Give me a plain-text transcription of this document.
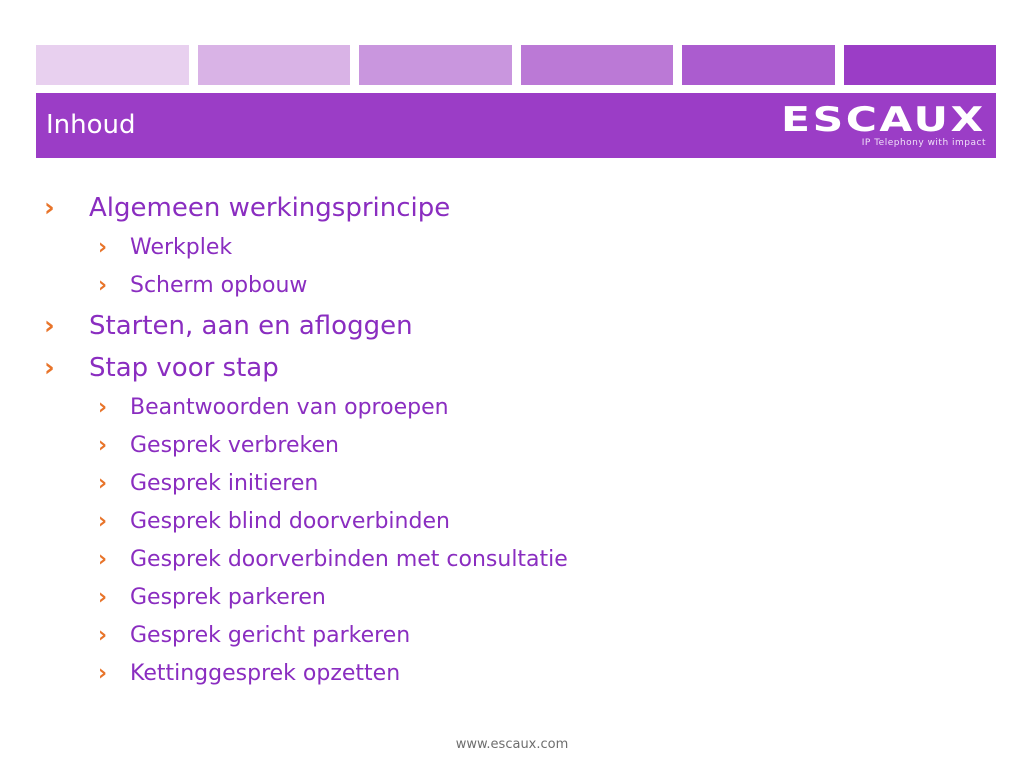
Inhoud	ESCAUX
IP Telephony with impact
› Algemeen werkingsprincipe
› Werkplek
› Scherm opbouw
› Starten, aan en afloggen
› Stap voor stap
› Beantwoorden van oproepen
› Gesprek verbreken
› Gesprek initieren
› Gesprek blind doorverbinden
› Gesprek doorverbinden met consultatie
› Gesprek parkeren
› Gesprek gericht parkeren
› Kettinggesprek opzetten
www.escaux.com
